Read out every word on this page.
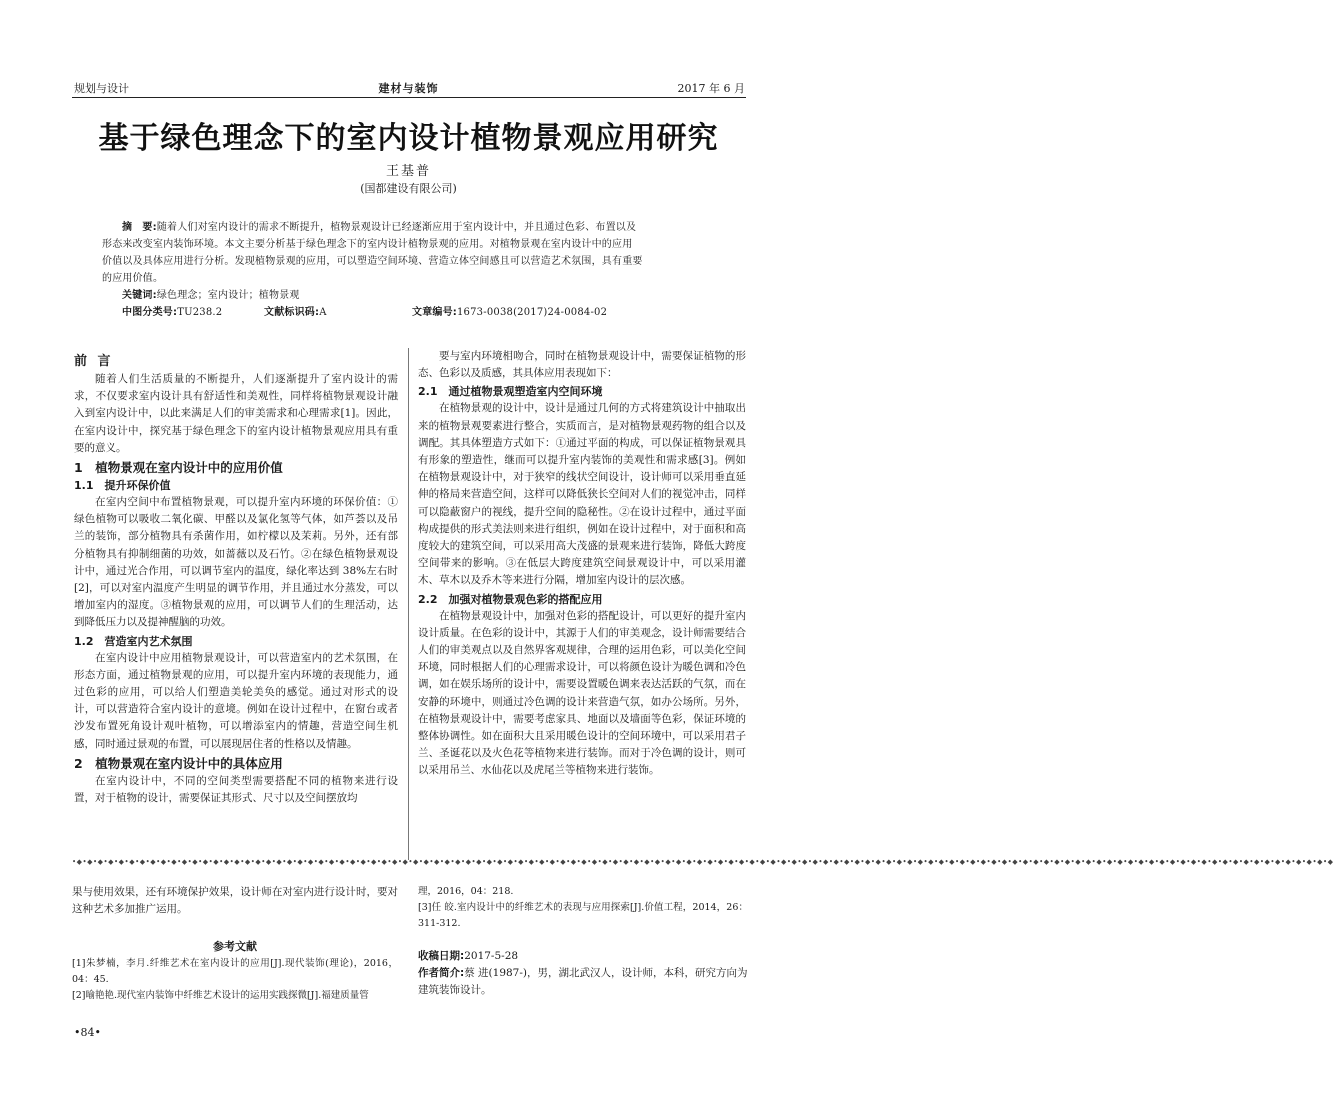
规划与设计	建材与装饰	2017 年 6 月
基于绿色理念下的室内设计植物景观应用研究
王基普
(国都建设有限公司)
摘　要:随着人们对室内设计的需求不断提升，植物景观设计已经逐渐应用于室内设计中，并且通过色彩、布置以及
形态来改变室内装饰环境。本文主要分析基于绿色理念下的室内设计植物景观的应用。对植物景观在室内设计中的应用
价值以及具体应用进行分析。发现植物景观的应用，可以塑造空间环境、营造立体空间感且可以营造艺术氛围，具有重要
的应用价值。
关键词:绿色理念；室内设计；植物景观
中图分类号:TU238.2	文献标识码:A	文章编号:1673-0038(2017)24-0084-02
前 言

随着人们生活质量的不断提升，人们逐渐提升了室内设计的需求，不仅要求室内设计具有舒适性和美观性，同样将植物景观设计融入到室内设计中，以此来满足人们的审美需求和心理需求[1]。因此，在室内设计中，探究基于绿色理念下的室内设计植物景观应用具有重要的意义。

1　植物景观在室内设计中的应用价值
1.1　提升环保价值

在室内空间中布置植物景观，可以提升室内环境的环保价值：①绿色植物可以吸收二氧化碳、甲醛以及氯化氢等气体，如芦荟以及吊兰的装饰，部分植物具有杀菌作用，如柠檬以及茉莉。另外，还有部分植物具有抑制细菌的功效，如蔷薇以及石竹。②在绿色植物景观设计中，通过光合作用，可以调节室内的温度，绿化率达到 38%左右时[2]，可以对室内温度产生明显的调节作用，并且通过水分蒸发，可以增加室内的湿度。③植物景观的应用，可以调节人们的生理活动，达到降低压力以及提神醒脑的功效。

1.2　营造室内艺术氛围

在室内设计中应用植物景观设计，可以营造室内的艺术氛围，在形态方面，通过植物景观的应用，可以提升室内环境的表现能力，通过色彩的应用，可以给人们塑造美轮美奂的感觉。通过对形式的设计，可以营造符合室内设计的意境。例如在设计过程中，在窗台或者沙发布置死角设计观叶植物，可以增添室内的情趣，营造空间生机感，同时通过景观的布置，可以展现居住者的性格以及情趣。

2　植物景观在室内设计中的具体应用

在室内设计中，不同的空间类型需要搭配不同的植物来进行设置，对于植物的设计，需要保证其形式、尺寸以及空间摆放均

要与室内环境相吻合，同时在植物景观设计中，需要保证植物的形态、色彩以及质感，其具体应用表现如下：

2.1　通过植物景观塑造室内空间环境

在植物景观的设计中，设计是通过几何的方式将建筑设计中抽取出来的植物景观要素进行整合，实质而言，是对植物景观药物的组合以及调配。其具体塑造方式如下：①通过平面的构成，可以保证植物景观具有形象的塑造性，继而可以提升室内装饰的美观性和需求感[3]。例如在植物景观设计中，对于狭窄的线状空间设计，设计师可以采用垂直延伸的格局来营造空间，这样可以降低狭长空间对人们的视觉冲击，同样可以隐蔽窗户的视线，提升空间的隐秘性。②在设计过程中，通过平面构成提供的形式美法则来进行组织，例如在设计过程中，对于面积和高度较大的建筑空间，可以采用高大茂盛的景观来进行装饰，降低大跨度空间带来的影响。③在低层大跨度建筑空间景观设计中，可以采用灌木、草木以及乔木等来进行分隔，增加室内设计的层次感。

2.2　加强对植物景观色彩的搭配应用

在植物景观设计中，加强对色彩的搭配设计，可以更好的提升室内设计质量。在色彩的设计中，其源于人们的审美观念，设计师需要结合人们的审美观点以及自然界客观规律，合理的运用色彩，可以美化空间环境，同时根据人们的心理需求设计，可以将颜色设计为暖色调和冷色调，如在娱乐场所的设计中，需要设置暖色调来表达活跃的气氛，而在安静的环境中，则通过冷色调的设计来营造气氛，如办公场所。另外，在植物景观设计中，需要考虑家具、地面以及墙面等色彩，保证环境的整体协调性。如在面积大且采用暖色设计的空间环境中，可以采用君子兰、圣诞花以及火色花等植物来进行装饰。而对于冷色调的设计，则可以采用吊兰、水仙花以及虎尾兰等植物来进行装饰。

•◆•◆•◆•◆•◆•◆•◆•◆•◆•◆•◆•◆•◆•◆•◆•◆•◆•◆•◆•◆•◆•◆•◆•◆•◆•◆•◆•◆•◆•◆•◆•◆•◆•◆•◆•◆•◆•◆•◆•◆•◆•◆•◆•◆•◆•◆•◆•◆•◆•◆•◆•◆•◆•◆•◆•◆•◆•◆•◆•◆•◆•◆•◆•◆•◆•◆•◆•◆•◆•◆•◆•◆•◆•◆•◆•◆•◆•◆•◆•◆•◆•◆•◆•◆•◆•◆•◆•◆•◆•◆•◆•◆•◆•◆•◆•◆•◆•◆•◆•◆•◆•◆•◆•◆•◆•◆•◆•◆•◆•◆•◆•◆•◆•◆•◆•◆•◆•◆•◆•◆

果与使用效果，还有环境保护效果，设计师在对室内进行设计时，要对这种艺术多加推广运用。

参考文献

[1]朱梦楠，李月.纤维艺术在室内设计的应用[J].现代装饰(理论)，2016，04：45.

[2]喻艳艳.现代室内装饰中纤维艺术设计的运用实践探微[J].福建质量管

理，2016，04：218.

[3]任 皎.室内设计中的纤维艺术的表现与应用探索[J].价值工程，2014，26：311-312.

收稿日期:2017-5-28

作者简介:蔡 进(1987-)，男，湖北武汉人，设计师，本科，研究方向为建筑装饰设计。

•84•
